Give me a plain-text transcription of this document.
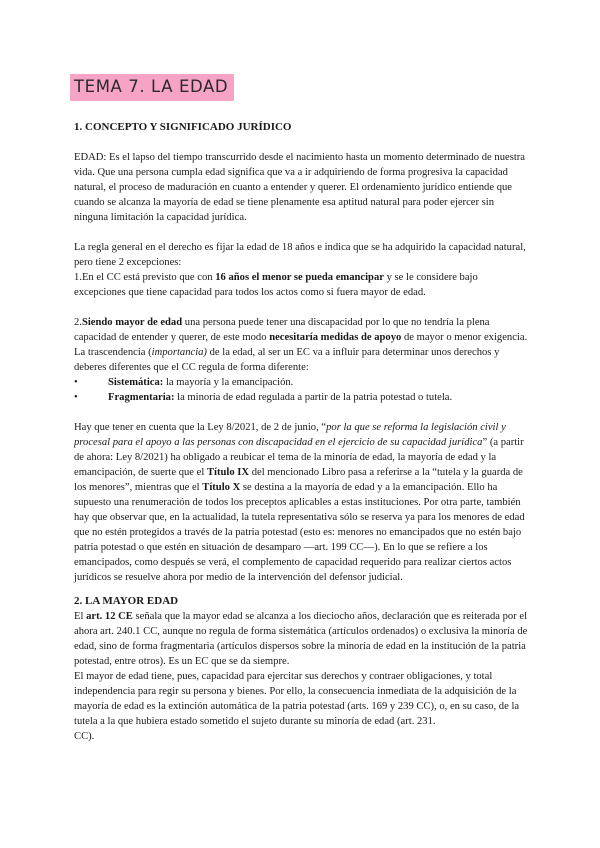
TEMA 7. LA EDAD

1. CONCEPTO Y SIGNIFICADO JURÍDICO

EDAD: Es el lapso del tiempo transcurrido desde el nacimiento hasta un momento determinado de nuestra vida. Que una persona cumpla edad significa que va a ir adquiriendo de forma progresiva la capacidad natural, el proceso de maduración en cuanto a entender y querer. El ordenamiento jurídico entiende que cuando se alcanza la mayoría de edad se tiene plenamente esa aptitud natural para poder ejercer sin ninguna limitación la capacidad jurídica.

La regla general en el derecho es fijar la edad de 18 años e indica que se ha adquirido la capacidad natural, pero tiene 2 excepciones:

1.En el CC está previsto que con 16 años el menor se pueda emancipar y se le considere bajo excepciones que tiene capacidad para todos los actos como si fuera mayor de edad.

2.Siendo mayor de edad una persona puede tener una discapacidad por lo que no tendría la plena capacidad de entender y querer, de este modo necesitaría medidas de apoyo de mayor o menor exigencia.

La trascendencia (importancia) de la edad, al ser un EC va a influir para determinar unos derechos y deberes diferentes que el CC regula de forma diferente:

•	Sistemática: la mayoría y la emancipación.
•	Fragmentaria: la minoría de edad regulada a partir de la patria potestad o tutela.

Hay que tener en cuenta que la Ley 8/2021, de 2 de junio, “por la que se reforma la legislación civil y procesal para el apoyo a las personas con discapacidad en el ejercicio de su capacidad jurídica” (a partir de ahora: Ley 8/2021) ha obligado a reubicar el tema de la minoría de edad, la mayoría de edad y la emancipación, de suerte que el Título IX del mencionado Libro pasa a referirse a la “tutela y la guarda de los menores”, mientras que el Título X se destina a la mayoría de edad y a la emancipación. Ello ha supuesto una renumeración de todos los preceptos aplicables a estas instituciones. Por otra parte, también hay que observar que, en la actualidad, la tutela representativa sólo se reserva ya para los menores de edad que no estén protegidos a través de la patria potestad (esto es: menores no emancipados que no estén bajo patria potestad o que estén en situación de desamparo —art. 199 CC—). En lo que se refiere a los emancipados, como después se verá, el complemento de capacidad requerido para realizar ciertos actos jurídicos se resuelve ahora por medio de la intervención del defensor judicial.

2. LA MAYOR EDAD

El art. 12 CE señala que la mayor edad se alcanza a los dieciocho años, declaración que es reiterada por el ahora art. 240.1 CC, aunque no regula de forma sistemática (artículos ordenados) o exclusiva la minoría de edad, sino de forma fragmentaria (artículos dispersos sobre la minoría de edad en la institución de la patria potestad, entre otros). Es un EC que se da siempre.

El mayor de edad tiene, pues, capacidad para ejercitar sus derechos y contraer obligaciones, y total independencia para regir su persona y bienes. Por ello, la consecuencia inmediata de la adquisición de la mayoría de edad es la extinción automática de la patria potestad (arts. 169 y 239 CC), o, en su caso, de la tutela a la que hubiera estado sometido el sujeto durante su minoría de edad (art. 231.

CC).
